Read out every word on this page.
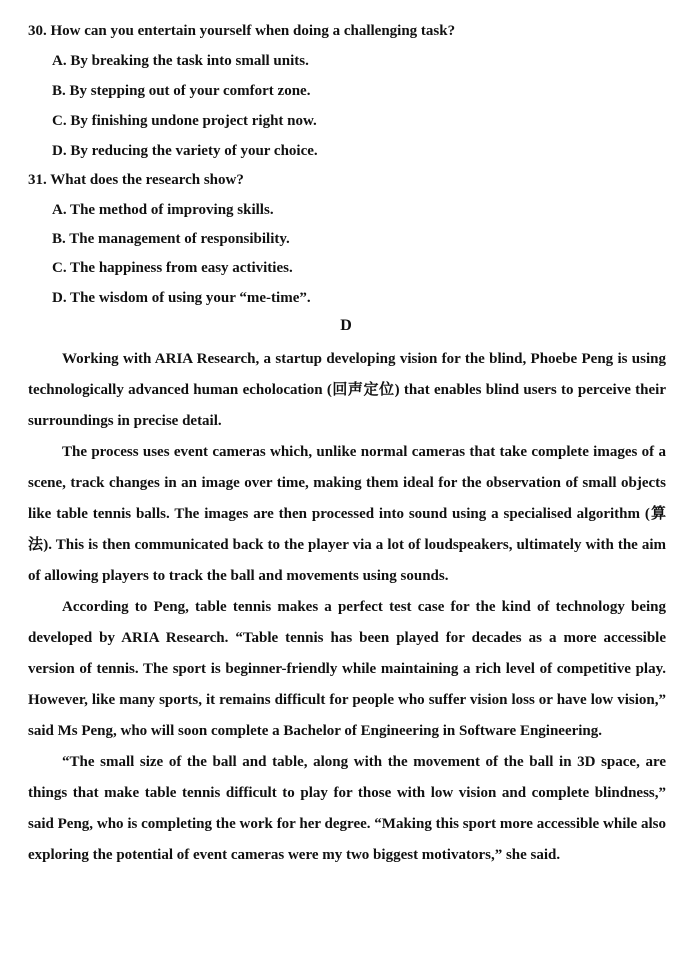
30. How can you entertain yourself when doing a challenging task?
A. By breaking the task into small units.
B. By stepping out of your comfort zone.
C. By finishing undone project right now.
D. By reducing the variety of your choice.
31. What does the research show?
A. The method of improving skills.
B. The management of responsibility.
C. The happiness from easy activities.
D. The wisdom of using your “me-time”.
D

Working with ARIA Research, a startup developing vision for the blind, Phoebe Peng is using technologically advanced human echolocation (回声定位) that enables blind users to perceive their surroundings in precise detail.

The process uses event cameras which, unlike normal cameras that take complete images of a scene, track changes in an image over time, making them ideal for the observation of small objects like table tennis balls. The images are then processed into sound using a specialised algorithm (算法). This is then communicated back to the player via a lot of loudspeakers, ultimately with the aim of allowing players to track the ball and movements using sounds.

According to Peng, table tennis makes a perfect test case for the kind of technology being developed by ARIA Research. “Table tennis has been played for decades as a more accessible version of tennis. The sport is beginner-friendly while maintaining a rich level of competitive play. However, like many sports, it remains difficult for people who suffer vision loss or have low vision,” said Ms Peng, who will soon complete a Bachelor of Engineering in Software Engineering.

“The small size of the ball and table, along with the movement of the ball in 3D space, are things that make table tennis difficult to play for those with low vision and complete blindness,” said Peng, who is completing the work for her degree. “Making this sport more accessible while also exploring the potential of event cameras were my two biggest motivators,” she said.
